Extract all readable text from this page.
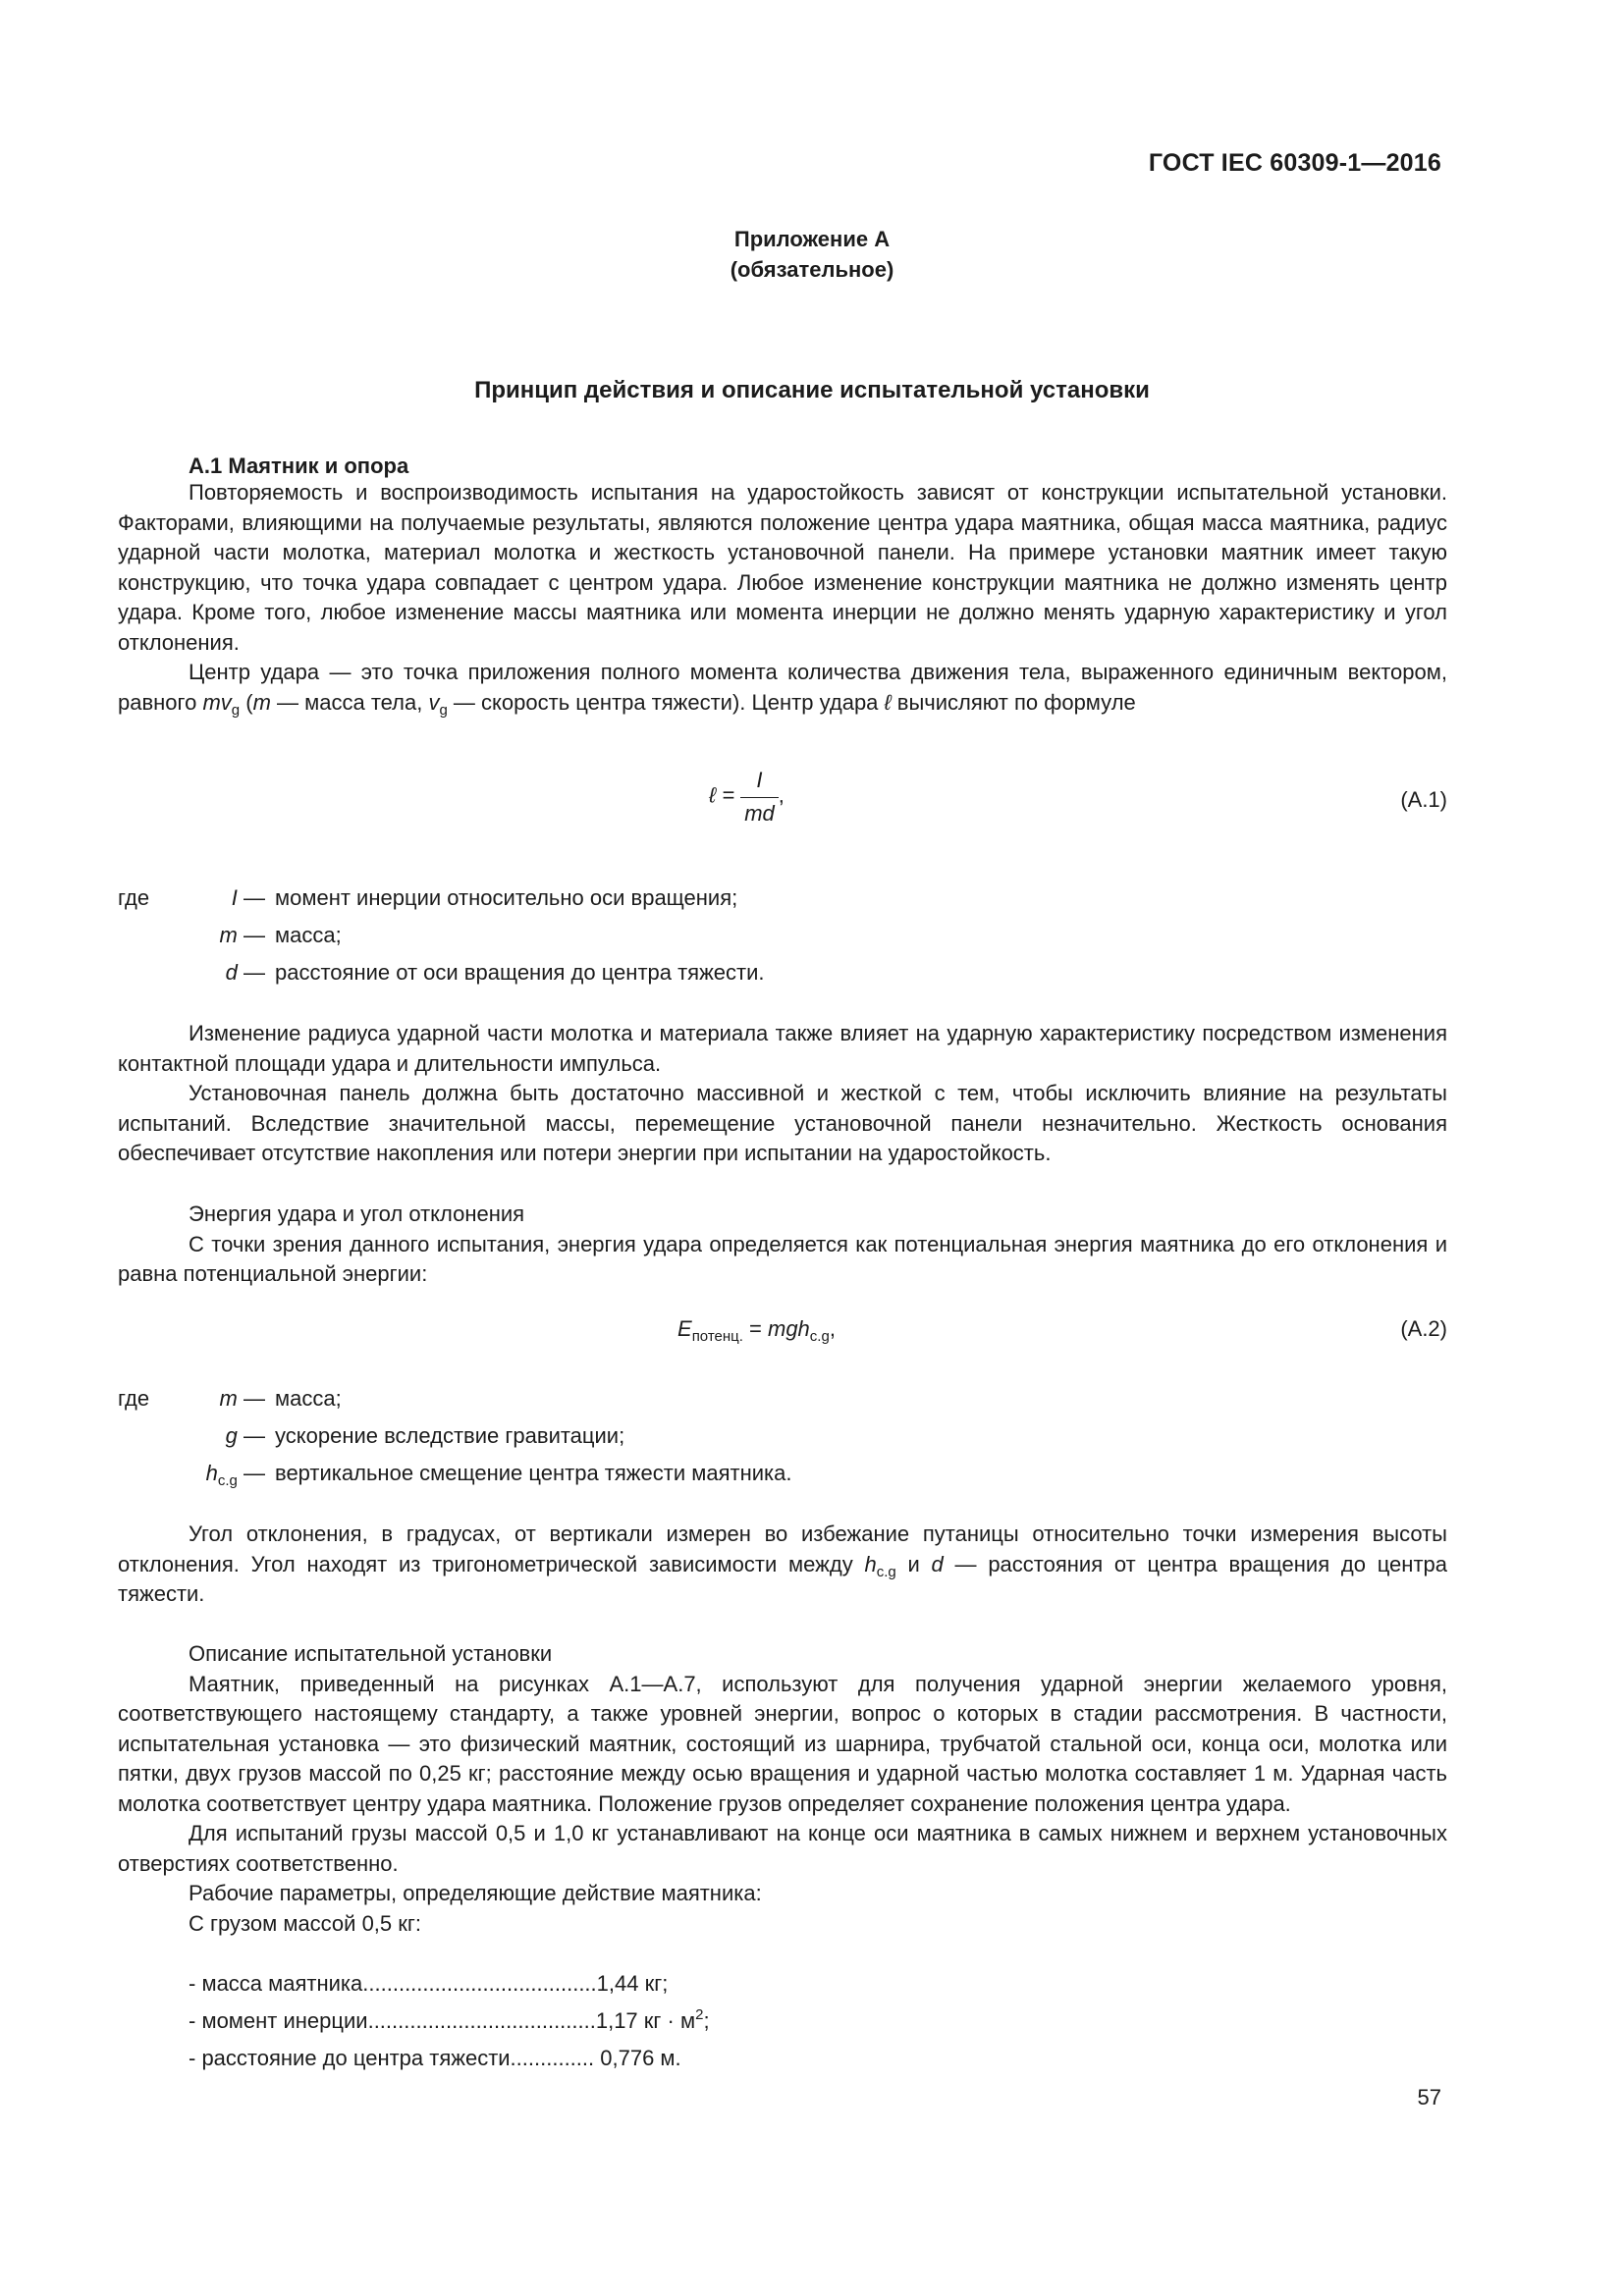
ГОСТ IEC 60309-1—2016
Приложение А
(обязательное)
Принцип действия и описание испытательной установки
А.1 Маятник и опора

Повторяемость и воспроизводимость испытания на ударостойкость зависят от конструкции испытательной установки. Факторами, влияющими на получаемые результаты, являются положение центра удара маятника, общая масса маятника, радиус ударной части молотка, материал молотка и жесткость установочной панели. На примере установки маятник имеет такую конструкцию, что точка удара совпадает с центром удара. Любое изменение конструкции маятника не должно изменять центр удара. Кроме того, любое изменение массы маятника или момента инерции не должно менять ударную характеристику и угол отклонения.

Центр удара — это точка приложения полного момента количества движения тела, выраженного единичным вектором, равного $mv_g$ (m — масса тела, $v_g$ — скорость центра тяжести). Центр удара ℓ вычисляют по формуле

ℓ = $\frac{I}{md}$ ,	(А.1)
где	I — момент инерции относительно оси вращения;
m — масса;
d — расстояние от оси вращения до центра тяжести.

Изменение радиуса ударной части молотка и материала также влияет на ударную характеристику посредством изменения контактной площади удара и длительности импульса.

Установочная панель должна быть достаточно массивной и жесткой с тем, чтобы исключить влияние на результаты испытаний. Вследствие значительной массы, перемещение установочной панели незначительно. Жесткость основания обеспечивает отсутствие накопления или потери энергии при испытании на ударостойкость.

Энергия удара и угол отклонения

С точки зрения данного испытания, энергия удара определяется как потенциальная энергия маятника до его отклонения и равна потенциальной энергии:

$E_{потенц.} = mgh_{c.g}$,	(А.2)
где	m — масса;
g — ускорение вследствие гравитации;
$h_{c.g}$ — вертикальное смещение центра тяжести маятника.

Угол отклонения, в градусах, от вертикали измерен во избежание путаницы относительно точки измерения высоты отклонения. Угол находят из тригонометрической зависимости между $h_{c.g}$ и d — расстояния от центра вращения до центра тяжести.

Описание испытательной установки

Маятник, приведенный на рисунках А.1—А.7, используют для получения ударной энергии желаемого уровня, соответствующего настоящему стандарту, а также уровней энергии, вопрос о которых в стадии рассмотрения. В частности, испытательная установка — это физический маятник, состоящий из шарнира, трубчатой стальной оси, конца оси, молотка или пятки, двух грузов массой по 0,25 кг; расстояние между осью вращения и ударной частью молотка составляет 1 м. Ударная часть молотка соответствует центру удара маятника. Положение грузов определяет сохранение положения центра удара.

Для испытаний грузы массой 0,5 и 1,0 кг устанавливают на конце оси маятника в самых нижнем и верхнем установочных отверстиях соответственно.

Рабочие параметры, определяющие действие маятника:

С грузом массой 0,5 кг:

- масса маятника.......................................1,44 кг;
- момент инерции......................................1,17 кг · $м^2$;
- расстояние до центра тяжести.............. 0,776 м.
57
